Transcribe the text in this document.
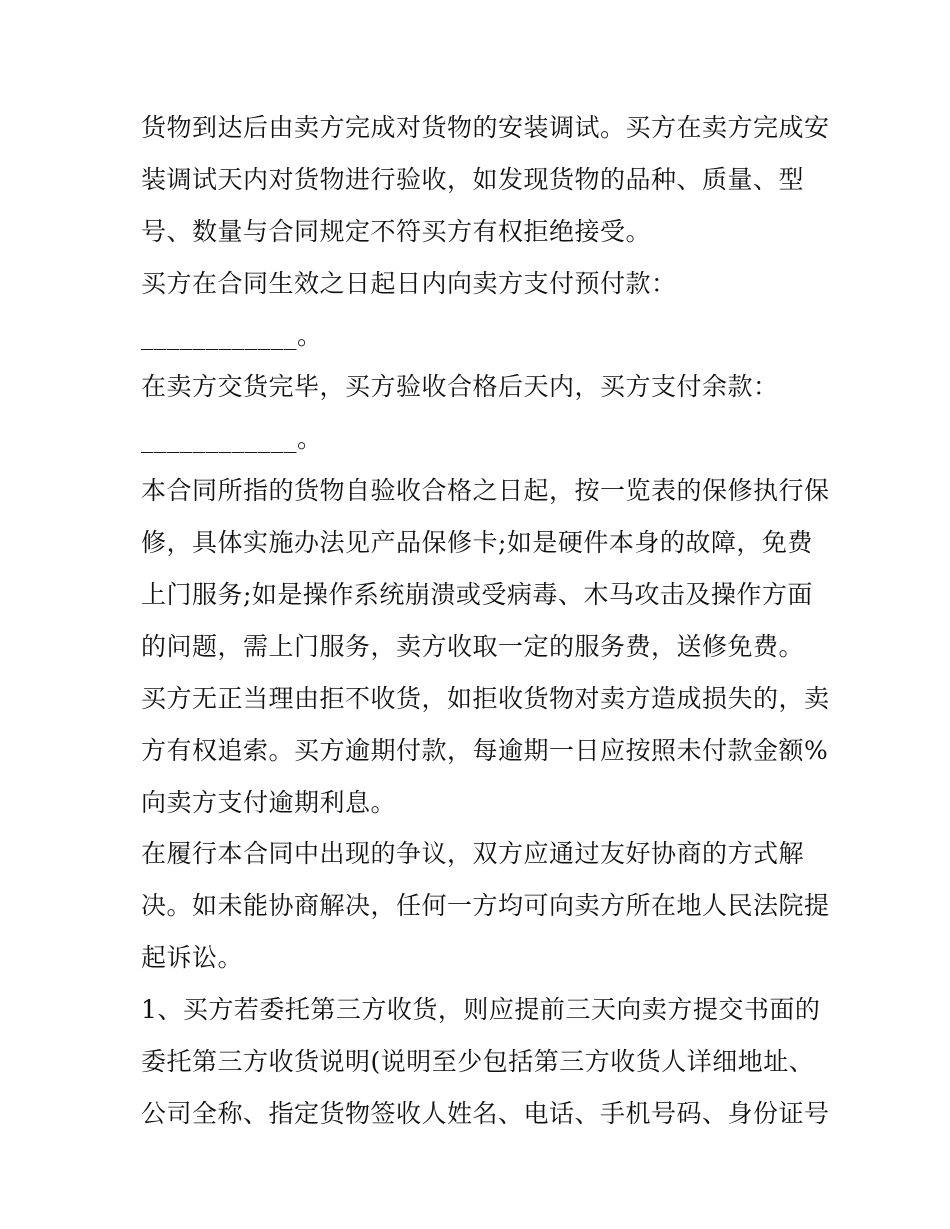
货物到达后由卖方完成对货物的安装调试。买方在卖方完成安
装调试天内对货物进行验收，如发现货物的品种、质量、型
号、数量与合同规定不符买方有权拒绝接受。
买方在合同生效之日起日内向卖方支付预付款：
____________。
在卖方交货完毕，买方验收合格后天内，买方支付余款：
____________。
本合同所指的货物自验收合格之日起，按一览表的保修执行保
修，具体实施办法见产品保修卡;如是硬件本身的故障，免费
上门服务;如是操作系统崩溃或受病毒、木马攻击及操作方面
的问题，需上门服务，卖方收取一定的服务费，送修免费。
买方无正当理由拒不收货，如拒收货物对卖方造成损失的，卖
方有权追索。买方逾期付款，每逾期一日应按照未付款金额%
向卖方支付逾期利息。
在履行本合同中出现的争议，双方应通过友好协商的方式解
决。如未能协商解决，任何一方均可向卖方所在地人民法院提
起诉讼。
1、买方若委托第三方收货，则应提前三天向卖方提交书面的
委托第三方收货说明(说明至少包括第三方收货人详细地址、
公司全称、指定货物签收人姓名、电话、手机号码、身份证号
